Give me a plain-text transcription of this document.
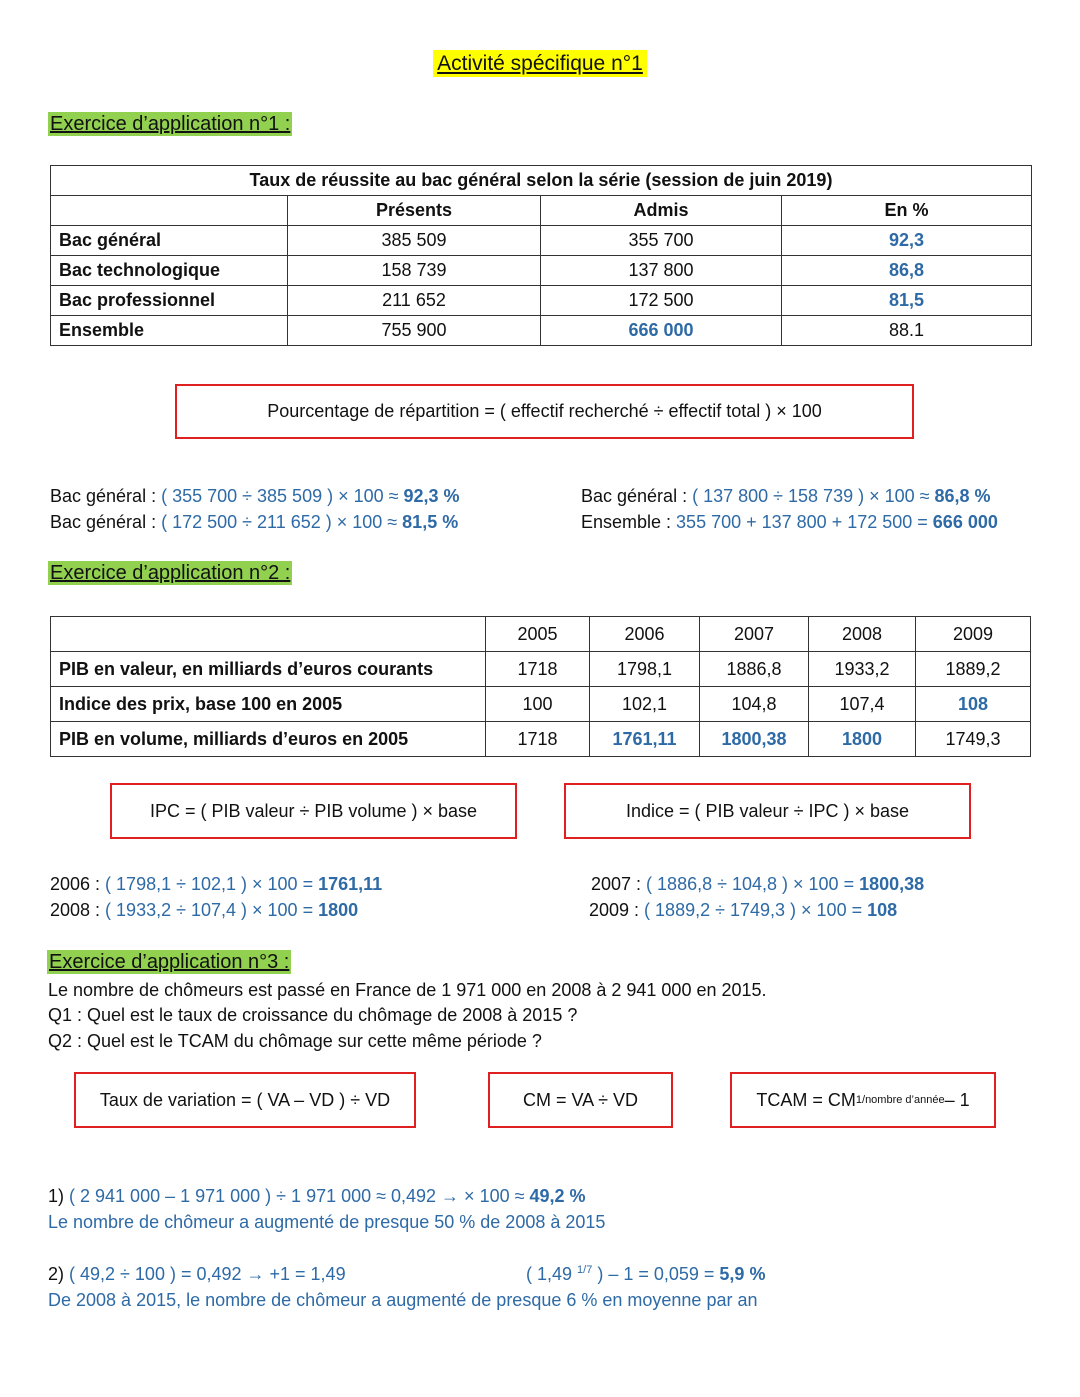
Activité spécifique n°1
Exercice d’application n°1 :
Taux de réussite au bac général selon la série (session de juin 2019)			
	Présents	Admis	En %
Bac général	385 509	355 700	92,3
Bac technologique	158 739	137 800	86,8
Bac professionnel	211 652	172 500	81,5
Ensemble	755 900	666 000	88.1
Pourcentage de répartition = ( effectif recherché ÷ effectif total ) × 100
Bac général : ( 355 700 ÷ 385 509 ) × 100 ≈ 92,3 %
Bac général : ( 172 500 ÷ 211 652 ) × 100 ≈ 81,5 %
Bac général : ( 137 800 ÷ 158 739 ) × 100 ≈ 86,8 %
Ensemble : 355 700 + 137 800 + 172 500 = 666 000
Exercice d’application n°2 :
	2005	2006	2007	2008	2009
PIB en valeur, en milliards d’euros courants	1718	1798,1	1886,8	1933,2	1889,2
Indice des prix, base 100 en 2005	100	102,1	104,8	107,4	108
PIB en volume, milliards d’euros en 2005	1718	1761,11	1800,38	1800	1749,3
IPC = ( PIB valeur ÷ PIB volume ) × base	Indice = ( PIB valeur ÷ IPC ) × base
2006 : ( 1798,1 ÷ 102,1 ) × 100 = 1761,11
2008 : ( 1933,2 ÷ 107,4 ) × 100 = 1800
2007 : ( 1886,8 ÷ 104,8 ) × 100 = 1800,38
2009 : ( 1889,2 ÷ 1749,3 ) × 100 = 108
Exercice d’application n°3 :
Le nombre de chômeurs est passé en France de 1 971 000 en 2008 à 2 941 000 en 2015.
Q1 : Quel est le taux de croissance du chômage de 2008 à 2015 ?
Q2 : Quel est le TCAM du chômage sur cette même période ?
Taux de variation = ( VA – VD ) ÷ VD	CM = VA ÷ VD	TCAM = CM 1/nombre d’année – 1
1) ( 2 941 000 – 1 971 000 ) ÷ 1 971 000 ≈ 0,492 → × 100 ≈ 49,2 %
Le nombre de chômeur a augmenté de presque 50 % de 2008 à 2015
2) ( 49,2 ÷ 100 ) = 0,492 → +1 = 1,49	( 1,49 $^{1/7}$ ) – 1 = 0,059 = 5,9 %
De 2008 à 2015, le nombre de chômeur a augmenté de presque 6 % en moyenne par an
